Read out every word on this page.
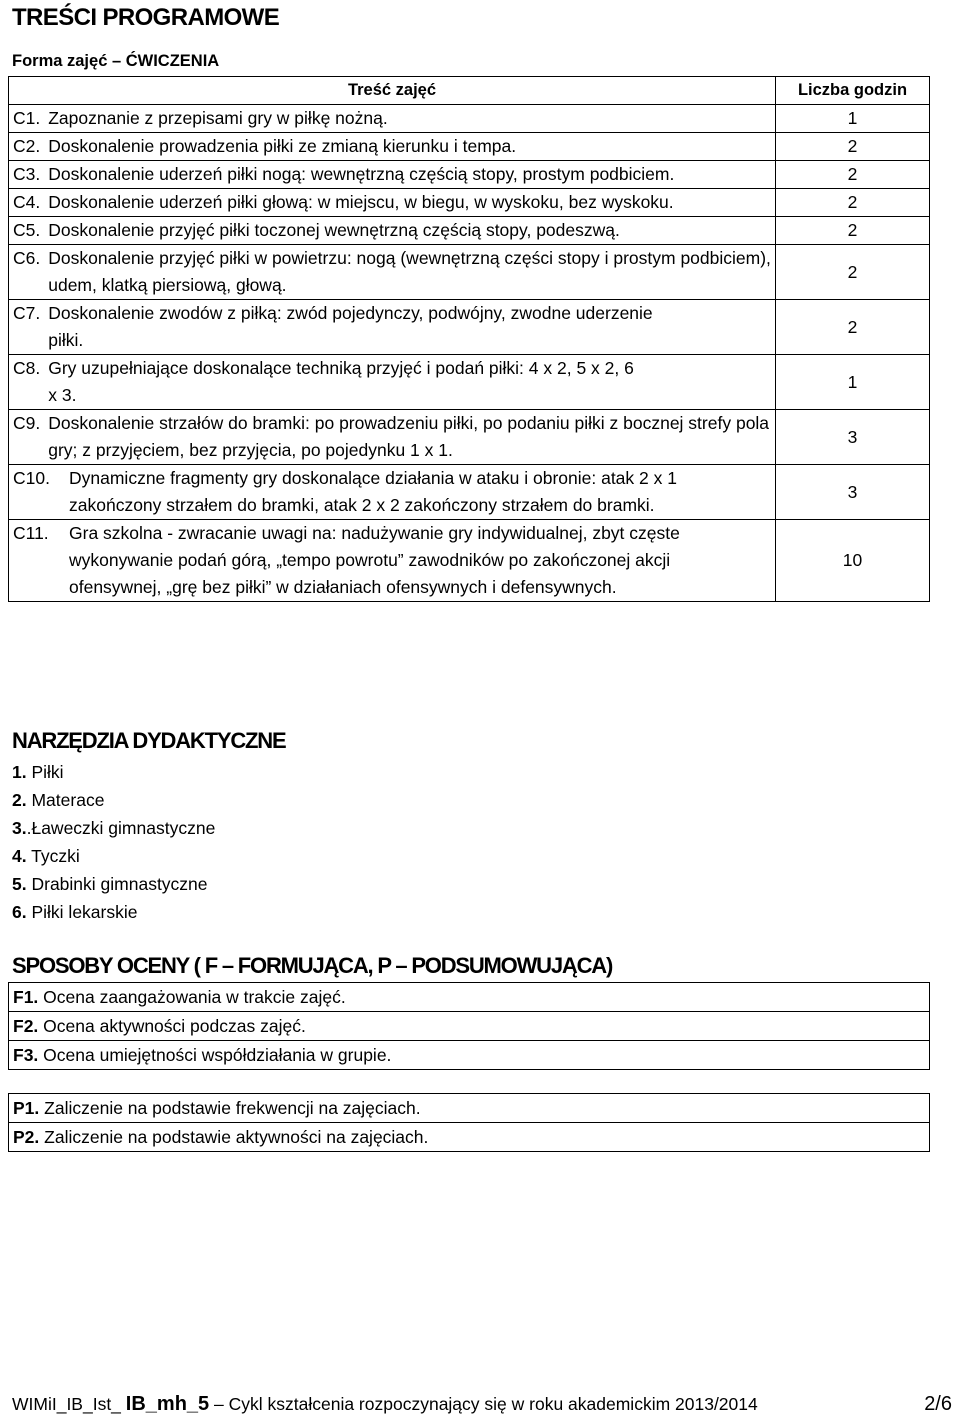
TREŚCI PROGRAMOWE
Forma zajęć – ĆWICZENIA
Treść zajęć	Liczba godzin

C1. Zapoznanie z przepisami gry w piłkę nożną.	1

C2. Doskonalenie prowadzenia piłki ze zmianą kierunku i tempa.	2

C3. Doskonalenie uderzeń piłki nogą: wewnętrzną częścią stopy, prostym podbiciem.	2

C4. Doskonalenie uderzeń piłki głową: w miejscu, w biegu, w wyskoku, bez wyskoku.	2

C5. Doskonalenie przyjęć piłki toczonej wewnętrzną częścią stopy, podeszwą.	2

C6. Doskonalenie przyjęć piłki w powietrzu: nogą (wewnętrzną części stopy i prostym podbiciem), udem, klatką piersiową, głową.	2

C7. Doskonalenie zwodów z piłką: zwód pojedynczy, podwójny, zwodne uderzenie piłki.	2

C8. Gry uzupełniające doskonalące techniką przyjęć i podań piłki: 4 x 2, 5 x 2, 6 x 3.	1

C9. Doskonalenie strzałów do bramki: po prowadzeniu piłki, po podaniu piłki z bocznej strefy pola gry; z przyjęciem, bez przyjęcia, po pojedynku 1 x 1.	3

C10. Dynamiczne fragmenty gry doskonalące działania w ataku i obronie: atak 2 x 1 zakończony strzałem do bramki, atak 2 x 2 zakończony strzałem do bramki.	3

C11. Gra szkolna - zwracanie uwagi na: nadużywanie gry indywidualnej, zbyt częste wykonywanie podań górą, „tempo powrotu” zawodników po zakończonej akcji ofensywnej, „grę bez piłki” w działaniach ofensywnych i defensywnych.	10
NARZĘDZIA DYDAKTYCZNE
1. Piłki
2. Materace
3..Ławeczki gimnastyczne
4. Tyczki
5. Drabinki gimnastyczne
6. Piłki lekarskie
SPOSOBY OCENY ( F – FORMUJĄCA, P – PODSUMOWUJĄCA)
F1. Ocena zaangażowania w trakcie zajęć.
F2. Ocena aktywności podczas zajęć.
F3. Ocena umiejętności współdziałania w grupie.
P1. Zaliczenie na podstawie frekwencji na zajęciach.
P2. Zaliczenie na podstawie aktywności na zajęciach.
WIMiI_IB_Ist_ IB_mh_5 – Cykl kształcenia rozpoczynający się w roku akademickim 2013/2014	2/6
